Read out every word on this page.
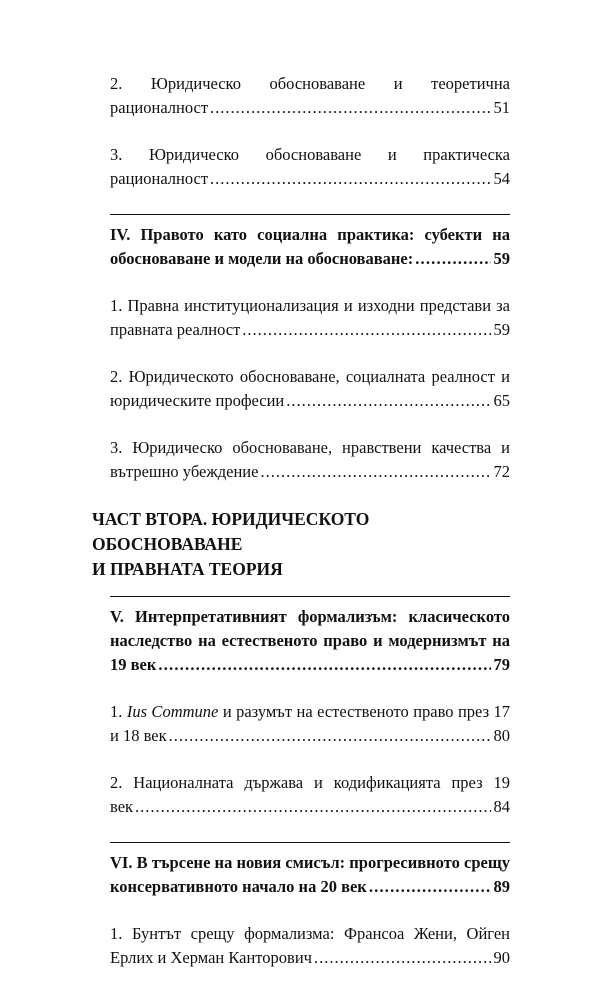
2. Юридическо обосноваване и теоретична
рационалност .....	51
3. Юридическо обосноваване и практическа
рационалност .....	54
IV. Правото като социална практика: субекти на
обосноваване и модели на обосноваване: .....	59
1. Правна институционализация и изходни представи за
правната реалност .....	59
2. Юридическото обосноваване, социалната реалност и
юридическите професии .....	65
3. Юридическо обосноваване, нравствени качества и
вътрешно убеждение .....	72
ЧАСТ ВТОРА. ЮРИДИЧЕСКОТО ОБОСНОВАВАНЕ
И ПРАВНАТА ТЕОРИЯ
V. Интерпретативният формализъм: класическото
наследство на естественото право и модернизмът на
19 век .....	79
1. Ius Commune и разумът на естественото право през 17
и 18 век .....	80
2. Националната държава и кодификацията през 19
век .....	84
VI. В търсене на новия смисъл: прогресивното срещу
консервативното начало на 20 век .....	89
1. Бунтът срещу формализма: Франсоа Жени, Ойген
Ерлих и Херман Канторович .....	90
